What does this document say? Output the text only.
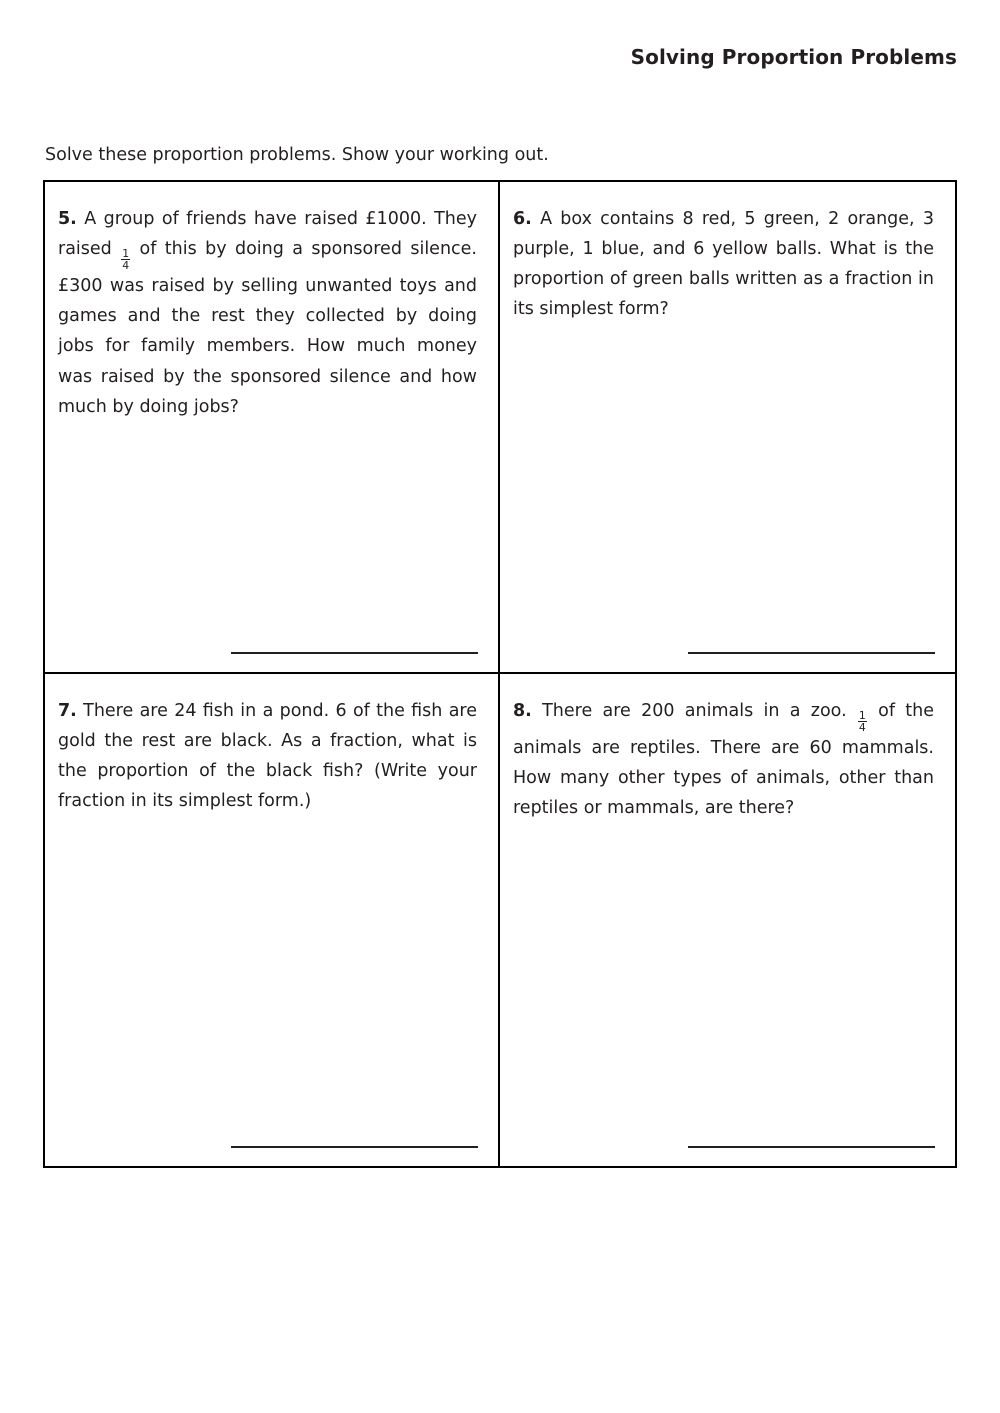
Solving Proportion Problems
Solve these proportion problems. Show your working out.

5. A group of friends have raised £1000. They raised $\frac{1}{4}$ of this by doing a sponsored silence. £300 was raised by selling unwanted toys and games and the rest they collected by doing jobs for family members. How much money was raised by the sponsored silence and how much by doing jobs?

6. A box contains 8 red, 5 green, 2 orange, 3 purple, 1 blue, and 6 yellow balls. What is the proportion of green balls written as a fraction in its simplest form?

7. There are 24 fish in a pond. 6 of the fish are gold the rest are black. As a fraction, what is the proportion of the black fish? (Write your fraction in its simplest form.)

8. There are 200 animals in a zoo. $\frac{1}{4}$ of the animals are reptiles. There are 60 mammals. How many other types of animals, other than reptiles or mammals, are there?
